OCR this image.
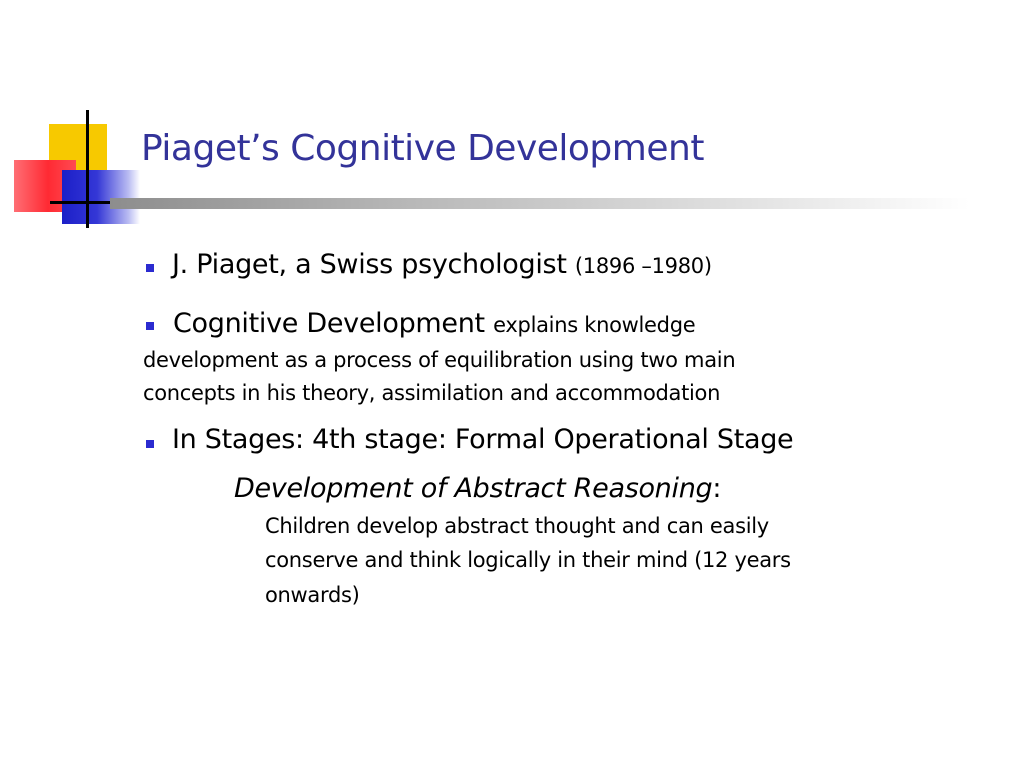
Piaget’s Cognitive Development
J. Piaget, a Swiss psychologist (1896 –1980)
Cognitive Development explains knowledge
development as a process of equilibration using two main
concepts in his theory, assimilation and accommodation
In Stages: 4th stage: Formal Operational Stage
Development of Abstract Reasoning:
Children develop abstract thought and can easily
conserve and think logically in their mind (12 years
onwards)
